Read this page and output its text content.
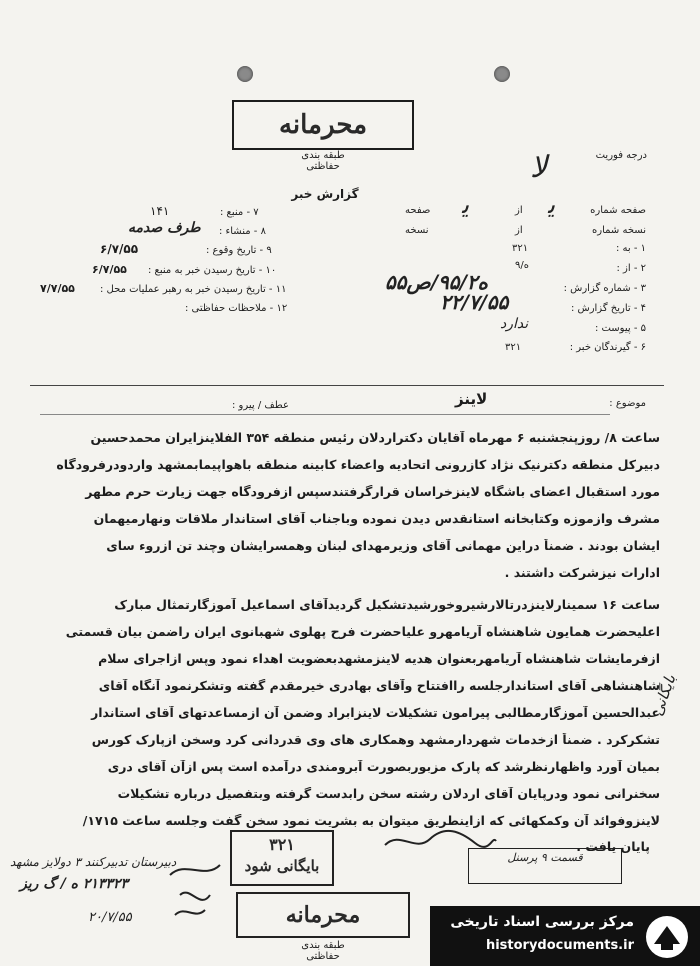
محرمانه
طبقه بندی حفاظتی
گزارش خبر
درجه فوریت
ﻻ
صفحه شماره
از
صفحه	ﻳ
ﻳ
نسخه شماره
از
نسخه
۱ - به :
۳۲۱
۲ - از :
۹/ه
۳ - شماره گزارش :
۵۵ه۹۵/۲/ص
۴ - تاریخ گزارش :
۲۲/۷/۵۵
۵ - پیوست :
ندارد
۶ - گیرندگان خبر :
۳۲۱
۷ - منبع :
۱۴۱
۸ - منشاء :
طرف صدمه
۹ - تاریخ وقوع :
۶/۷/۵۵
۱۰ - تاریخ رسیدن خبر به منبع :
۶/۷/۵۵
۱۱ - تاریخ رسیدن خبر به رهبر عملیات محل :
۷/۷/۵۵
۱۲ - ملاحظات حفاظتی :
موضوع :
لاینز
عطف / پیرو :
ساعت ۸/ روزپنجشنبه ۶ مهرماه آقایان دکتراردلان رئیس منطقه ۳۵۴ الفلاینزایران محمدحسین
دبیرکل منطقه دکترنیک نژاد کازرونی اتحادیه واعضاء کابینه منطقه باهواپیمابمشهد واردودرفرودگاه
مورد استقبال اعضای باشگاه لاینزخراسان قرارگرفتندسپس ازفرودگاه جهت زیارت حرم مطهر
مشرف وازموزه وکتابخانه استانقدس دیدن نموده وباجناب آقای استاندار ملاقات ونهارمیهمان
ایشان بودند . ضمناً دراین مهمانی آقای وزیرمهدای لبنان وهمسرایشان وچند تن ازروء سای
ادارات نیزشرکت داشتند .
ساعت ۱۶ سمینارلاینزدرتالارشیروخورشیدتشکیل گردیدآقای اسماعیل آموزگارتمثال مبارک
اعلیحضرت همایون شاهنشاه آریامهرو علیاحضرت فرح پهلوی شهبانوی ایران راضمن بیان قسمتی
ازفرمایشات شاهنشاه آریامهربعنوان هدیه لاینزمشهدبعضویت اهداء نمود وپس ازاجرای سلام
شاهنشاهی آقای استاندارجلسه راافتتاح وآقای بهادری خیرمقدم گفته وتشکرنمود آنگاه آقای
عبدالحسین آموزگارمطالبی پیرامون تشکیلات لاینزابراد وضمن آن ازمساعدتهای آقای استاندار
تشکرکرد . ضمناً ازخدمات شهردارمشهد وهمکاری های وی قدردانی کرد وسخن ازپارک کورس
بمیان آورد واظهارنظرشد که پارک مزبوربصورت آبرومندی درآمده است پس ازآن آقای دری
سخنرانی نمود ودرپایان آقای اردلان رشته سخن رابدست گرفته وبتفصیل درباره تشکیلات
لاینزوفوائد آن وکمکهائی که ازاینطریق میتوان به بشریت نمود سخن گفت وجلسه ساعت ۱۷۱۵/
پایان یافت .
بایگانی
قسمت ۹ پرسنل
دبیرستان تدبیرکنند ۳ دولایز مشهد
۲۱۳۳۲۳ ه / گ ریز
۲۰/۷/۵۵
۳۲۱
بایگانی شود
محرمانه
طبقه بندی حفاظتی
مرکز بررسی اسناد تاریخی
historydocuments.ir
